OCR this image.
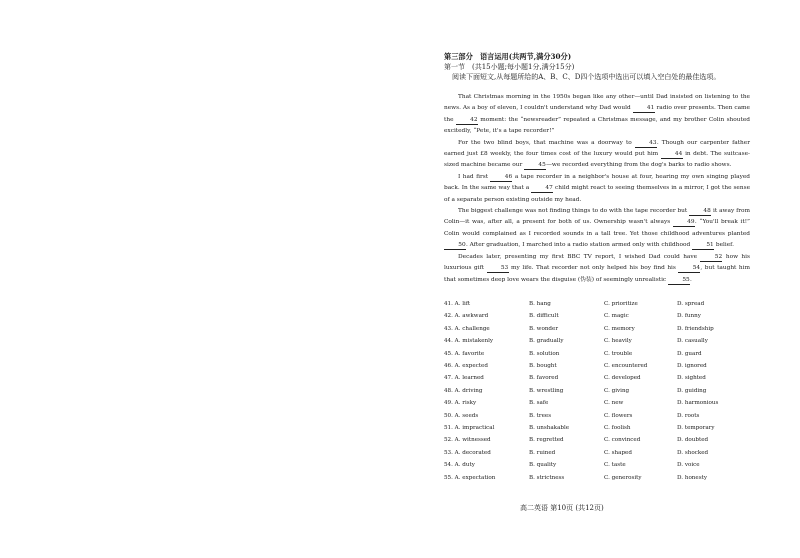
第三部分　语言运用(共两节,满分30分)
第一节　(共15小题;每小题1分,满分15分)
阅读下面短文,从每题所给的A、B、C、D四个选项中选出可以填入空白处的最佳选项。

That Christmas morning in the 1950s began like any other—until Dad insisted on listening to the news. As a boy of eleven, I couldn't understand why Dad would 41 radio over presents. Then came the 42 moment: the “newsreader” repeated a Christmas message, and my brother Colin shouted excitedly, “Pete, it's a tape recorder!”

For the two blind boys, that machine was a doorway to 43. Though our carpenter father earned just £8 weekly, the four times cost of the luxury would put him 44 in debt. The suitcase-sized machine became our 45—we recorded everything from the dog's barks to radio shows.

I had first 46 a tape recorder in a neighbor's house at four, hearing my own singing played back. In the same way that a 47 child might react to seeing themselves in a mirror, I got the sense of a separate person existing outside my head.

The biggest challenge was not finding things to do with the tape recorder but 48 it away from Colin—it was, after all, a present for both of us. Ownership wasn't always 49. “You'll break it!” Colin would complained as I recorded sounds in a tall tree. Yet those childhood adventures planted 50. After graduation, I marched into a radio station armed only with childhood 51 belief.

Decades later, presenting my first BBC TV report, I wished Dad could have 52 how his luxurious gift 53 my life. That recorder not only helped his boy find his 54, but taught him that sometimes deep love wears the disguise (伪装) of seemingly unrealistic 55.

41. A. lift	B. hang	C. prioritize	D. spread
42. A. awkward	B. difficult	C. magic	D. funny
43. A. challenge	B. wonder	C. memory	D. friendship
44. A. mistakenly	B. gradually	C. heavily	D. casually
45. A. favorite	B. solution	C. trouble	D. guard
46. A. expected	B. bought	C. encountered	D. ignored
47. A. learned	B. favored	C. developed	D. sighted
48. A. driving	B. wrestling	C. giving	D. guiding
49. A. risky	B. safe	C. new	D. harmonious
50. A. seeds	B. trees	C. flowers	D. roots
51. A. impractical	B. unshakable	C. foolish	D. temporary
52. A. witnessed	B. regretted	C. convinced	D. doubted
53. A. decorated	B. ruined	C. shaped	D. shocked
54. A. duty	B. quality	C. taste	D. voice
55. A. expectation	B. strictness	C. generosity	D. honesty
高二英语 第10页 (共12页)
